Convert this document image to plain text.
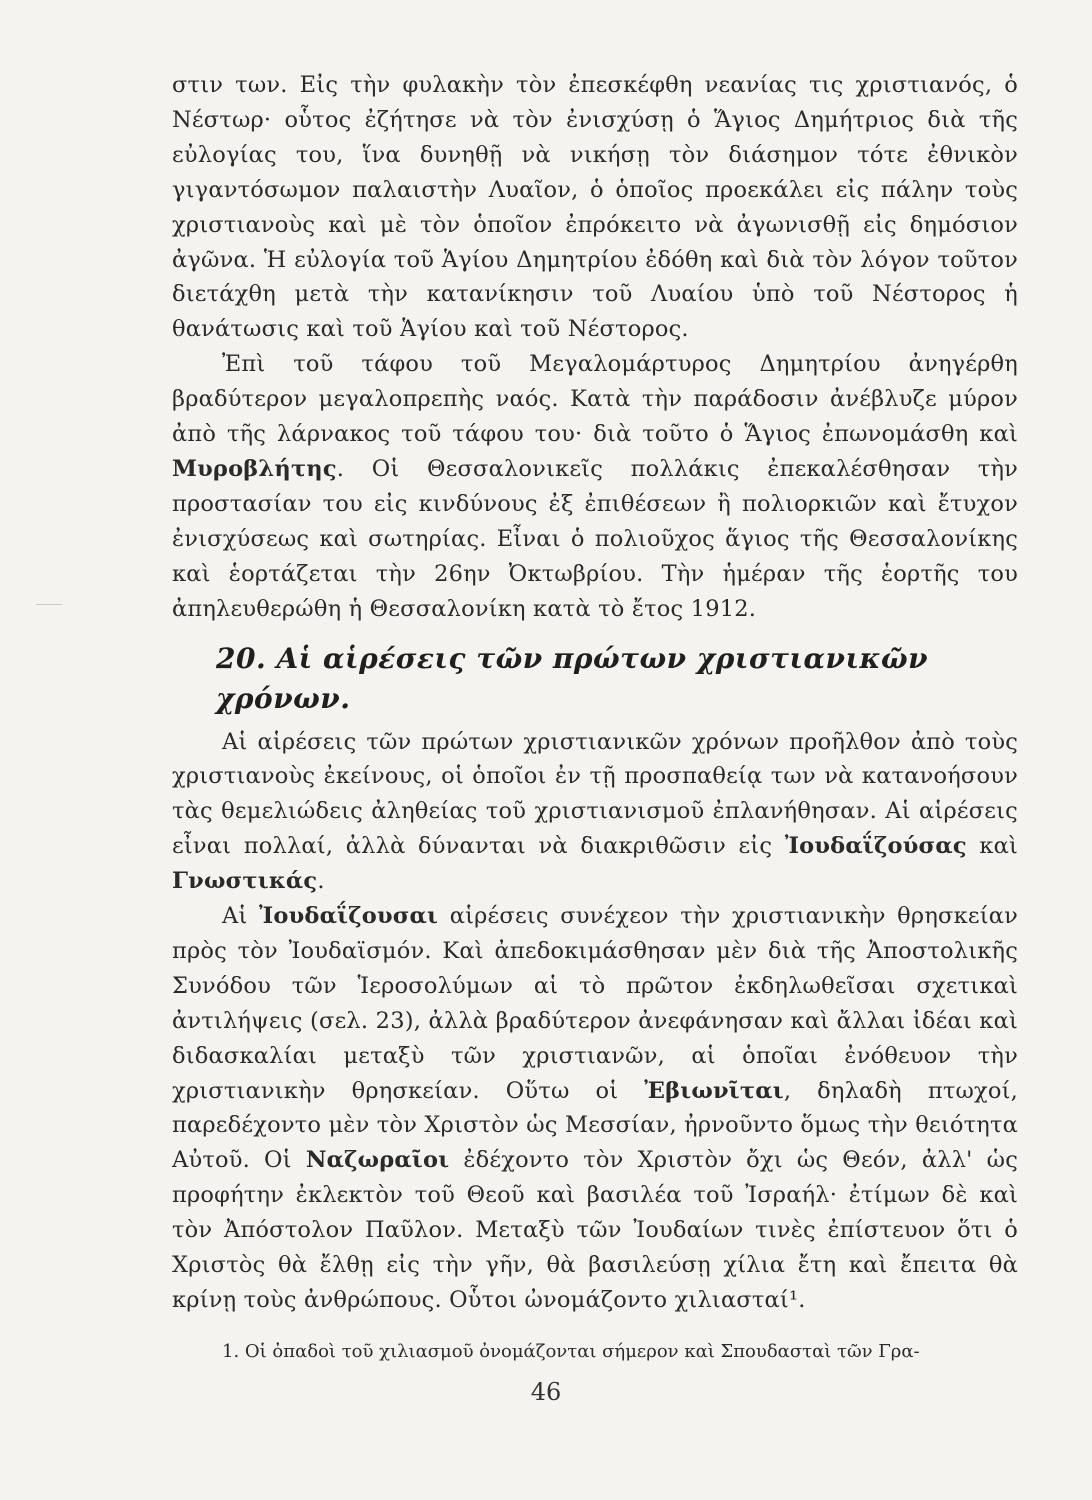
στιν των. Εἰς τὴν φυλακὴν τὸν ἐπεσκέφθη νεανίας τις χριστιανός, ὁ Νέστωρ· οὗτος ἐζήτησε νὰ τὸν ἐνισχύσῃ ὁ Ἅγιος Δημήτριος διὰ τῆς εὐλογίας του, ἵνα δυνηθῇ νὰ νικήσῃ τὸν διάσημον τότε ἐθνικὸν γιγαντόσωμον παλαιστὴν Λυαῖον, ὁ ὁποῖος προεκάλει εἰς πάλην τοὺς χριστιανοὺς καὶ μὲ τὸν ὁποῖον ἐπρόκειτο νὰ ἀγωνισθῇ εἰς δημόσιον ἀγῶνα. Ἡ εὐλογία τοῦ Ἁγίου Δημητρίου ἐδόθη καὶ διὰ τὸν λόγον τοῦτον διετάχθη μετὰ τὴν κατανίκησιν τοῦ Λυαίου ὑπὸ τοῦ Νέστορος ἡ θανάτωσις καὶ τοῦ Ἁγίου καὶ τοῦ Νέστορος.

Ἐπὶ τοῦ τάφου τοῦ Μεγαλομάρτυρος Δημητρίου ἀνηγέρθη βραδύτερον μεγαλοπρεπὴς ναός. Κατὰ τὴν παράδοσιν ἀνέβλυζε μύρον ἀπὸ τῆς λάρνακος τοῦ τάφου του· διὰ τοῦτο ὁ Ἅγιος ἐπωνομάσθη καὶ Μυροβλήτης. Οἱ Θεσσαλονικεῖς πολλάκις ἐπεκαλέσθησαν τὴν προστασίαν του εἰς κινδύνους ἐξ ἐπιθέσεων ἢ πολιορκιῶν καὶ ἔτυχον ἐνισχύσεως καὶ σωτηρίας. Εἶναι ὁ πολιοῦχος ἅγιος τῆς Θεσσαλονίκης καὶ ἑορτάζεται τὴν 26ην Ὀκτωβρίου. Τὴν ἡμέραν τῆς ἑορτῆς του ἀπηλευθερώθη ἡ Θεσσαλονίκη κατὰ τὸ ἔτος 1912.

20. Αἱ αἱρέσεις τῶν πρώτων χριστιανικῶν χρόνων.

Αἱ αἱρέσεις τῶν πρώτων χριστιανικῶν χρόνων προῆλθον ἀπὸ τοὺς χριστιανοὺς ἐκείνους, οἱ ὁποῖοι ἐν τῇ προσπαθείᾳ των νὰ κατανοήσουν τὰς θεμελιώδεις ἀληθείας τοῦ χριστιανισμοῦ ἐπλανήθησαν. Αἱ αἱρέσεις εἶναι πολλαί, ἀλλὰ δύνανται νὰ διακριθῶσιν εἰς Ἰουδαΐζούσας καὶ Γνωστικάς.

Αἱ Ἰουδαΐζουσαι αἱρέσεις συνέχεον τὴν χριστιανικὴν θρησκείαν πρὸς τὸν Ἰουδαϊσμόν. Καὶ ἀπεδοκιμάσθησαν μὲν διὰ τῆς Ἀποστολικῆς Συνόδου τῶν Ἱεροσολύμων αἱ τὸ πρῶτον ἐκδηλωθεῖσαι σχετικαὶ ἀντιλήψεις (σελ. 23), ἀλλὰ βραδύτερον ἀνεφάνησαν καὶ ἄλλαι ἰδέαι καὶ διδασκαλίαι μεταξὺ τῶν χριστιανῶν, αἱ ὁποῖαι ἐνόθευον τὴν χριστιανικὴν θρησκείαν. Οὕτω οἱ Ἐβιωνῖται, δηλαδὴ πτωχοί, παρεδέχοντο μὲν τὸν Χριστὸν ὡς Μεσσίαν, ἠρνοῦντο ὅμως τὴν θειότητα Αὐτοῦ. Οἱ Ναζωραῖοι ἐδέχοντο τὸν Χριστὸν ὄχι ὡς Θεόν, ἀλλ' ὡς προφήτην ἐκλεκτὸν τοῦ Θεοῦ καὶ βασιλέα τοῦ Ἰσραήλ· ἐτίμων δὲ καὶ τὸν Ἀπόστολον Παῦλον. Μεταξὺ τῶν Ἰουδαίων τινὲς ἐπίστευον ὅτι ὁ Χριστὸς θὰ ἔλθῃ εἰς τὴν γῆν, θὰ βασιλεύσῃ χίλια ἔτη καὶ ἔπειτα θὰ κρίνῃ τοὺς ἀνθρώπους. Οὗτοι ὠνομάζοντο χιλιασταί¹.

1. Οἱ ὀπαδοὶ τοῦ χιλιασμοῦ ὀνομάζονται σήμερον καὶ Σπουδασταὶ τῶν Γρα-

46
